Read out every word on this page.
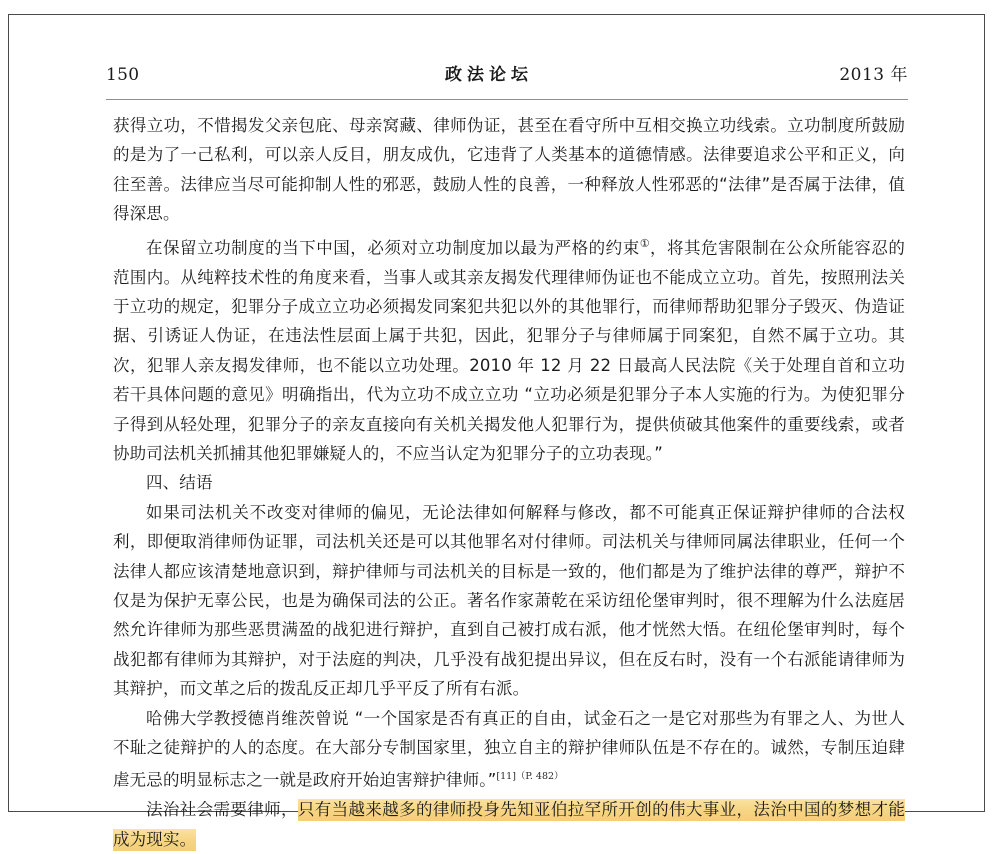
150	政法论坛	2013 年

获得立功，不惜揭发父亲包庇、母亲窝藏、律师伪证，甚至在看守所中互相交换立功线索。立功制度所鼓励的是为了一己私利，可以亲人反目，朋友成仇，它违背了人类基本的道德情感。法律要追求公平和正义，向往至善。法律应当尽可能抑制人性的邪恶，鼓励人性的良善，一种释放人性邪恶的“法律”是否属于法律，值得深思。

在保留立功制度的当下中国，必须对立功制度加以最为严格的约束①，将其危害限制在公众所能容忍的范围内。从纯粹技术性的角度来看，当事人或其亲友揭发代理律师伪证也不能成立立功。首先，按照刑法关于立功的规定，犯罪分子成立立功必须揭发同案犯共犯以外的其他罪行，而律师帮助犯罪分子毁灭、伪造证据、引诱证人伪证，在违法性层面上属于共犯，因此，犯罪分子与律师属于同案犯，自然不属于立功。其次，犯罪人亲友揭发律师，也不能以立功处理。2010 年 12 月 22 日最高人民法院《关于处理自首和立功若干具体问题的意见》明确指出，代为立功不成立立功 “立功必须是犯罪分子本人实施的行为。为使犯罪分子得到从轻处理，犯罪分子的亲友直接向有关机关揭发他人犯罪行为，提供侦破其他案件的重要线索，或者协助司法机关抓捕其他犯罪嫌疑人的，不应当认定为犯罪分子的立功表现。”

四、结语

如果司法机关不改变对律师的偏见，无论法律如何解释与修改，都不可能真正保证辩护律师的合法权利，即便取消律师伪证罪，司法机关还是可以其他罪名对付律师。司法机关与律师同属法律职业，任何一个法律人都应该清楚地意识到，辩护律师与司法机关的目标是一致的，他们都是为了维护法律的尊严，辩护不仅是为保护无辜公民，也是为确保司法的公正。著名作家萧乾在采访纽伦堡审判时，很不理解为什么法庭居然允许律师为那些恶贯满盈的战犯进行辩护，直到自己被打成右派，他才恍然大悟。在纽伦堡审判时，每个战犯都有律师为其辩护，对于法庭的判决，几乎没有战犯提出异议，但在反右时，没有一个右派能请律师为其辩护，而文革之后的拨乱反正却几乎平反了所有右派。

哈佛大学教授德肖维茨曾说 “一个国家是否有真正的自由，试金石之一是它对那些为有罪之人、为世人不耻之徒辩护的人的态度。在大部分专制国家里，独立自主的辩护律师队伍是不存在的。诚然，专制压迫肆虐无忌的明显标志之一就是政府开始迫害辩护律师。”$^{[11](P. 482)}$

法治社会需要律师，只有当越来越多的律师投身先知亚伯拉罕所开创的伟大事业，法治中国的梦想才能成为现实。
